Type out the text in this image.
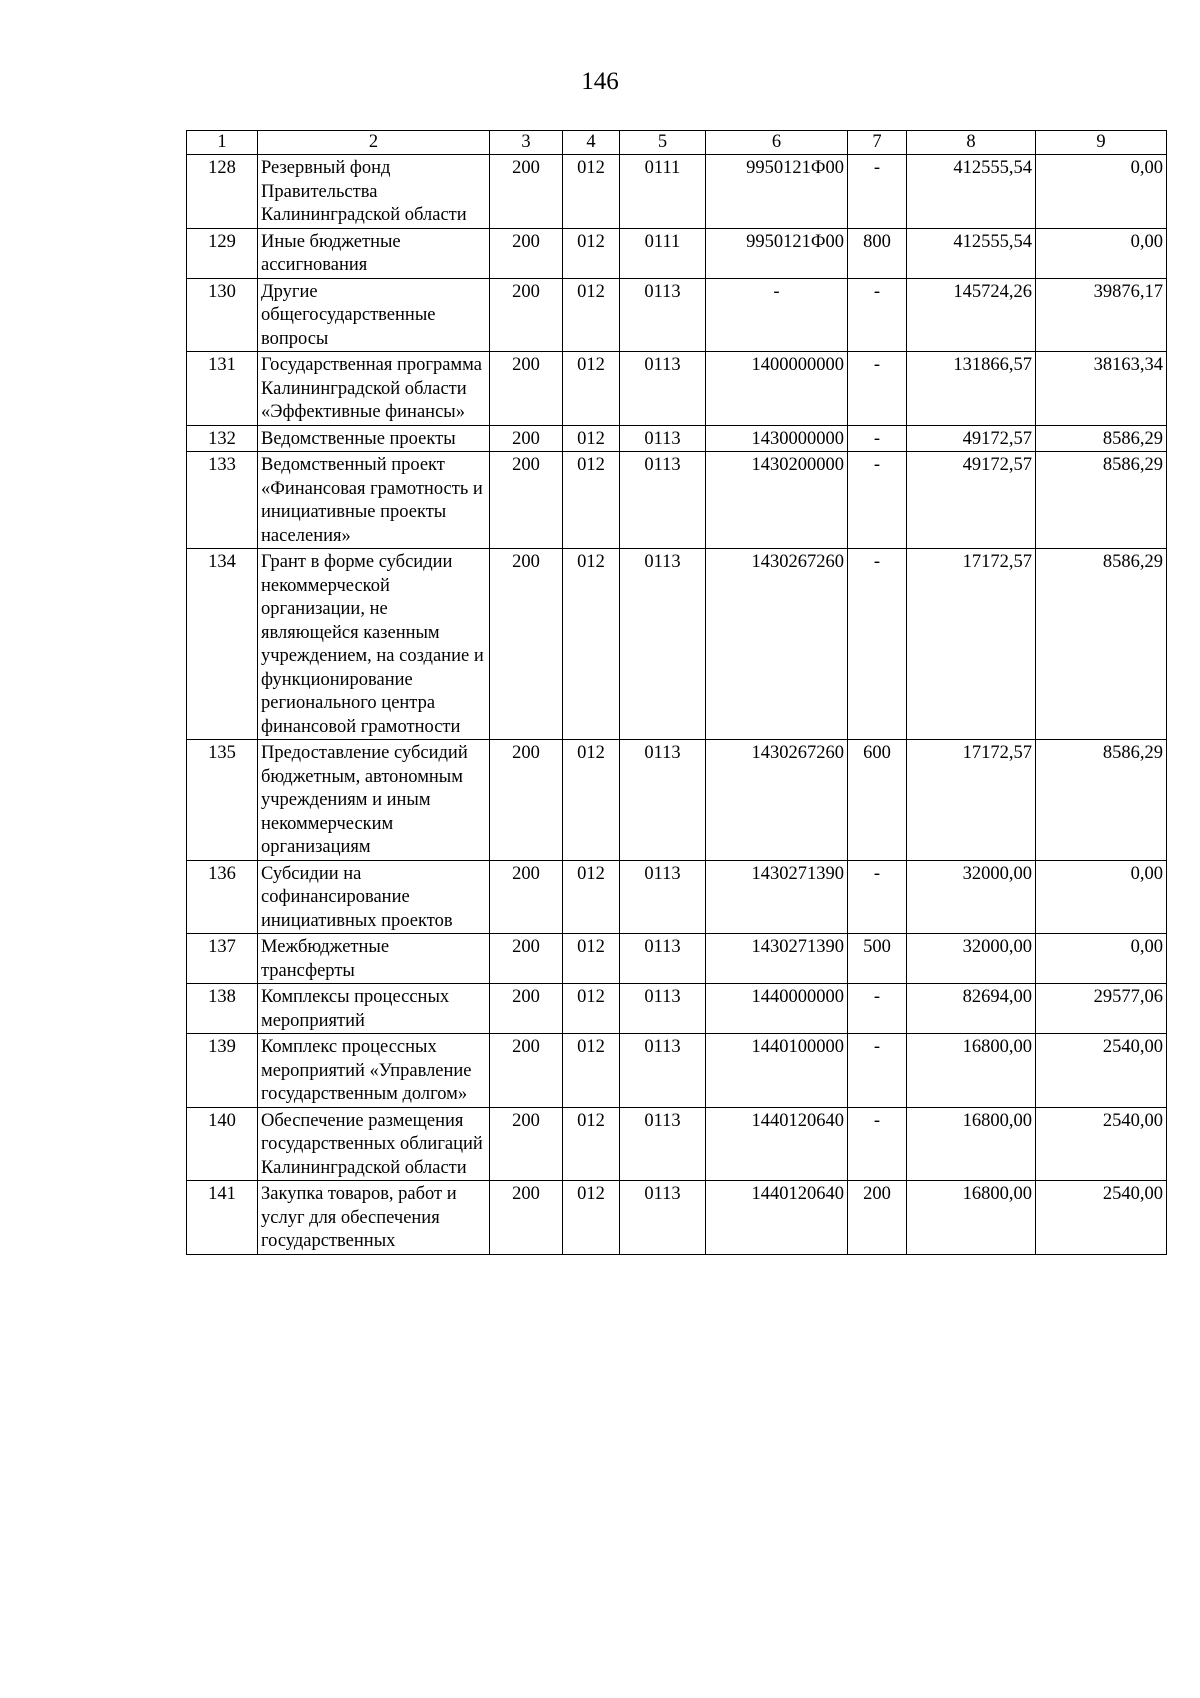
146
1	2	3	4	5	6	7	8	9
128	Резервный фонд Правительства Калининградской области	200	012	0111	9950121Ф00	-	412555,54	0,00
129	Иные бюджетные ассигнования	200	012	0111	9950121Ф00	800	412555,54	0,00
130	Другие общегосударственные вопросы	200	012	0113	-	-	145724,26	39876,17
131	Государственная программа Калининградской области «Эффективные финансы»	200	012	0113	1400000000	-	131866,57	38163,34
132	Ведомственные проекты	200	012	0113	1430000000	-	49172,57	8586,29
133	Ведомственный проект «Финансовая грамотность и инициативные проекты населения»	200	012	0113	1430200000	-	49172,57	8586,29
134	Грант в форме субсидии некоммерческой организации, не являющейся казенным учреждением, на создание и функционирование регионального центра финансовой грамотности	200	012	0113	1430267260	-	17172,57	8586,29
135	Предоставление субсидий бюджетным, автономным учреждениям и иным некоммерческим организациям	200	012	0113	1430267260	600	17172,57	8586,29
136	Субсидии на софинансирование инициативных проектов	200	012	0113	1430271390	-	32000,00	0,00
137	Межбюджетные трансферты	200	012	0113	1430271390	500	32000,00	0,00
138	Комплексы процессных мероприятий	200	012	0113	1440000000	-	82694,00	29577,06
139	Комплекс процессных мероприятий «Управление государственным долгом»	200	012	0113	1440100000	-	16800,00	2540,00
140	Обеспечение размещения государственных облигаций Калининградской области	200	012	0113	1440120640	-	16800,00	2540,00
141	Закупка товаров, работ и услуг для обеспечения государственных	200	012	0113	1440120640	200	16800,00	2540,00
